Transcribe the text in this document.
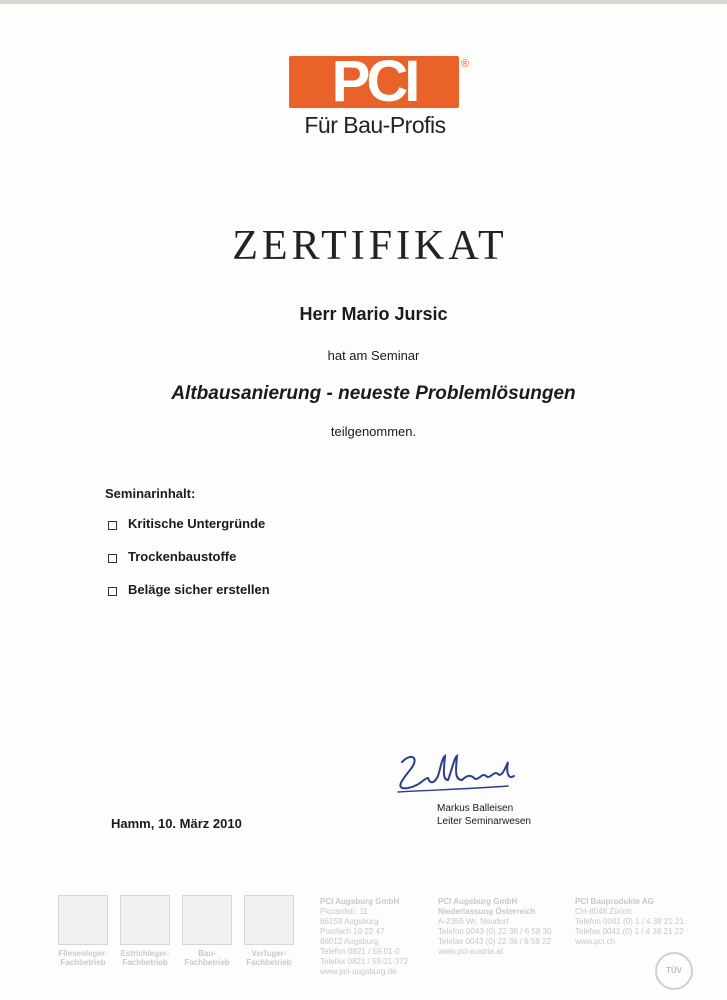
PCI	®
Für Bau-Profis
ZERTIFIKAT
Herr Mario Jursic
hat am Seminar
Altbausanierung - neueste Problemlösungen
teilgenommen.
Seminarinhalt:
Kritische Untergründe
Trockenbaustoffe
Beläge sicher erstellen
Hamm, 10. März 2010
Markus Balleisen
Leiter Seminarwesen
Fliesenleger-
Fachbetrieb
Estrichleger-
Fachbetrieb
Bau-
Fachbetrieb
Verfuger-
Fachbetrieb
PCI Augsburg GmbH
Piccardstr. 11
86159 Augsburg
Postfach 10 22 47
86012 Augsburg
Telefon 0821 / 59 01-0
Telefax 0821 / 59 01-372
www.pci-augsburg.de
PCI Augsburg GmbH
Niederlassung Österreich
A-2355 Wr. Neudorf
Telefon 0043 (0) 22 36 / 6 58 30
Telefax 0043 (0) 22 36 / 6 58 22
www.pci-austria.at
PCI Bauprodukte AG
CH-8048 Zürich
Telefon 0041 (0) 1 / 4 38 21 21
Telefax 0041 (0) 1 / 4 38 21 22
www.pci.ch
TÜV
